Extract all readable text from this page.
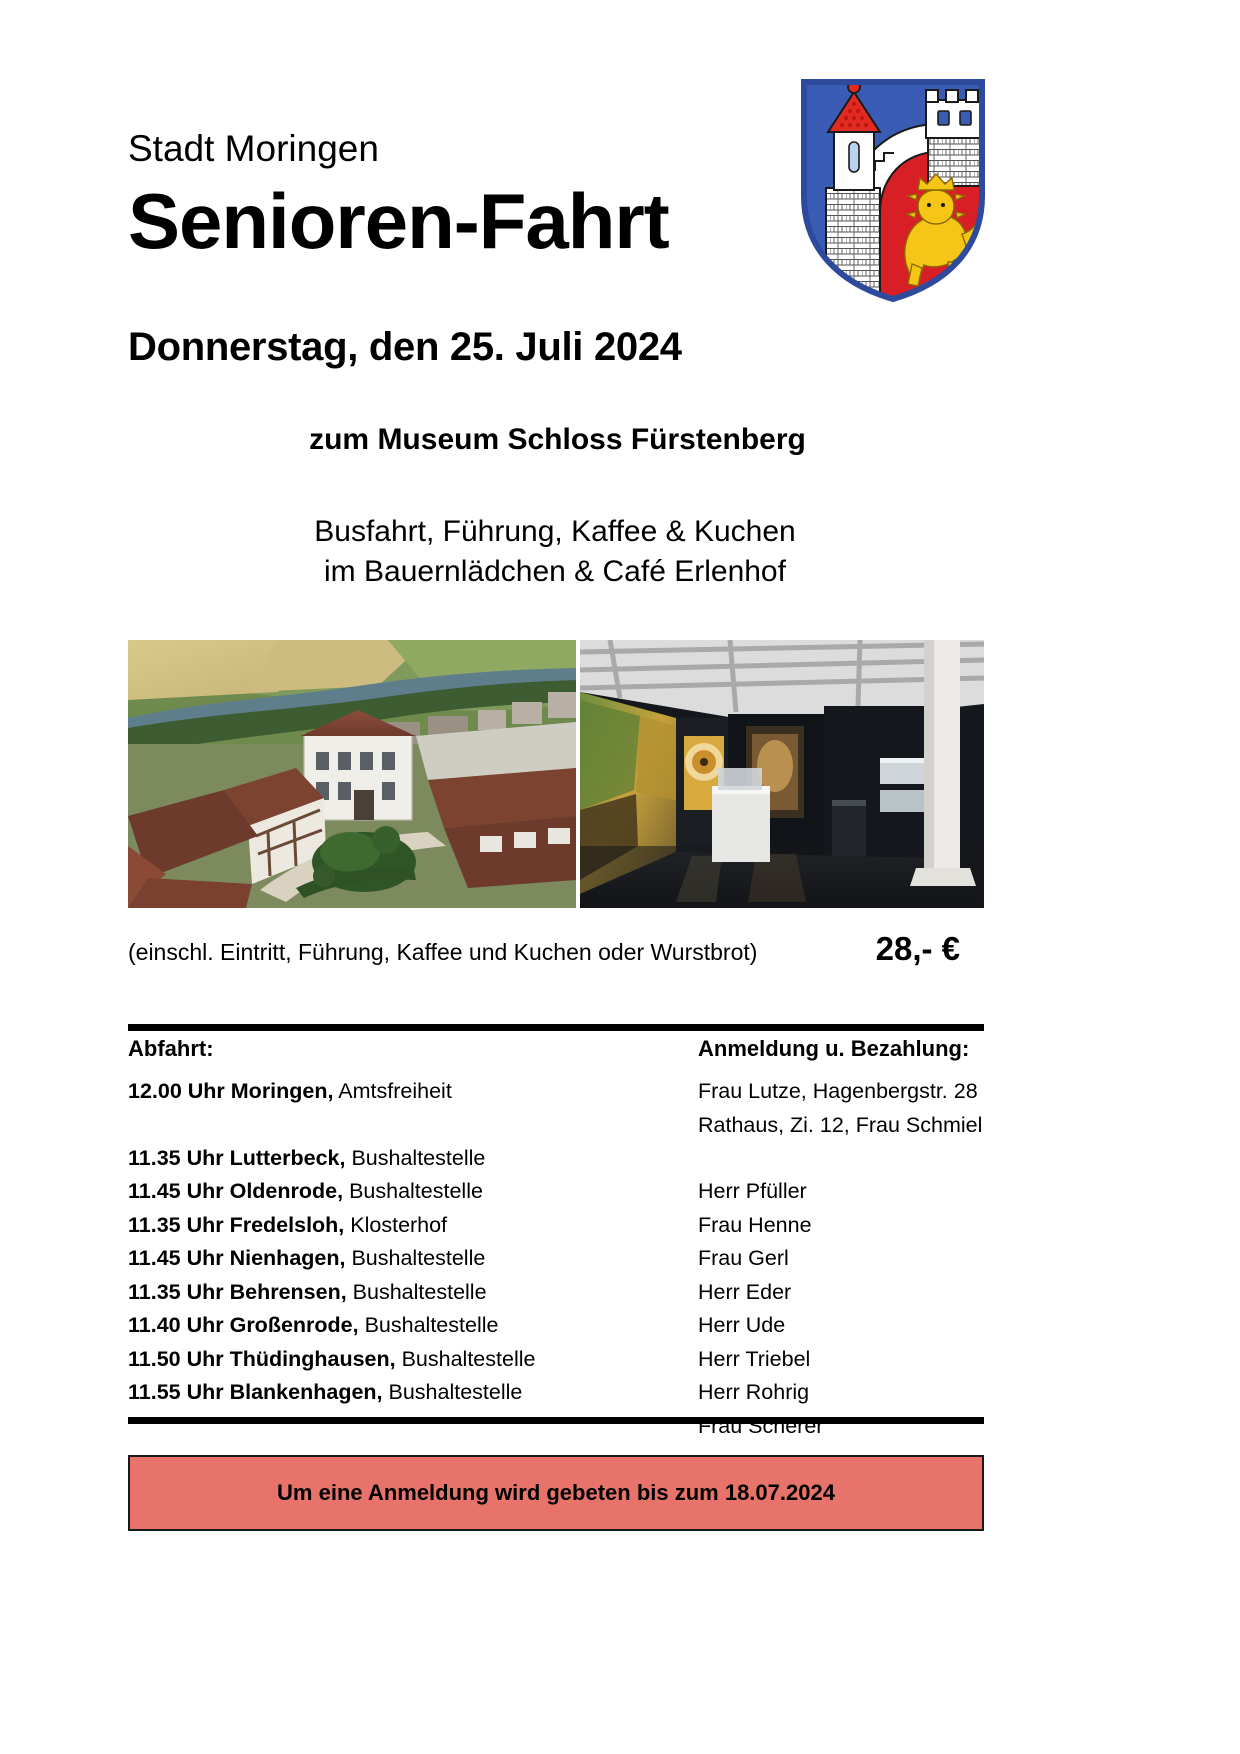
Stadt Moringen
Senioren-Fahrt
Donnerstag, den 25. Juli 2024
zum Museum Schloss Fürstenberg
Busfahrt, Führung, Kaffee & Kuchen
im Bauernlädchen & Café Erlenhof
(einschl. Eintritt, Führung, Kaffee und Kuchen oder Wurstbrot)	28,- €
Abfahrt:
12.00 Uhr Moringen, Amtsfreiheit
11.35 Uhr Lutterbeck, Bushaltestelle
11.45 Uhr Oldenrode, Bushaltestelle
11.35 Uhr Fredelsloh, Klosterhof
11.45 Uhr Nienhagen, Bushaltestelle
11.35 Uhr Behrensen, Bushaltestelle
11.40 Uhr Großenrode, Bushaltestelle
11.50 Uhr Thüdinghausen, Bushaltestelle
11.55 Uhr Blankenhagen, Bushaltestelle
Anmeldung u. Bezahlung:
Frau Lutze, Hagenbergstr. 28
Rathaus, Zi. 12, Frau Schmiel
Herr Pfüller
Frau Henne
Frau Gerl
Herr Eder
Herr Ude
Herr Triebel
Herr Rohrig
Frau Scherer
Um eine Anmeldung wird gebeten bis zum 18.07.2024
